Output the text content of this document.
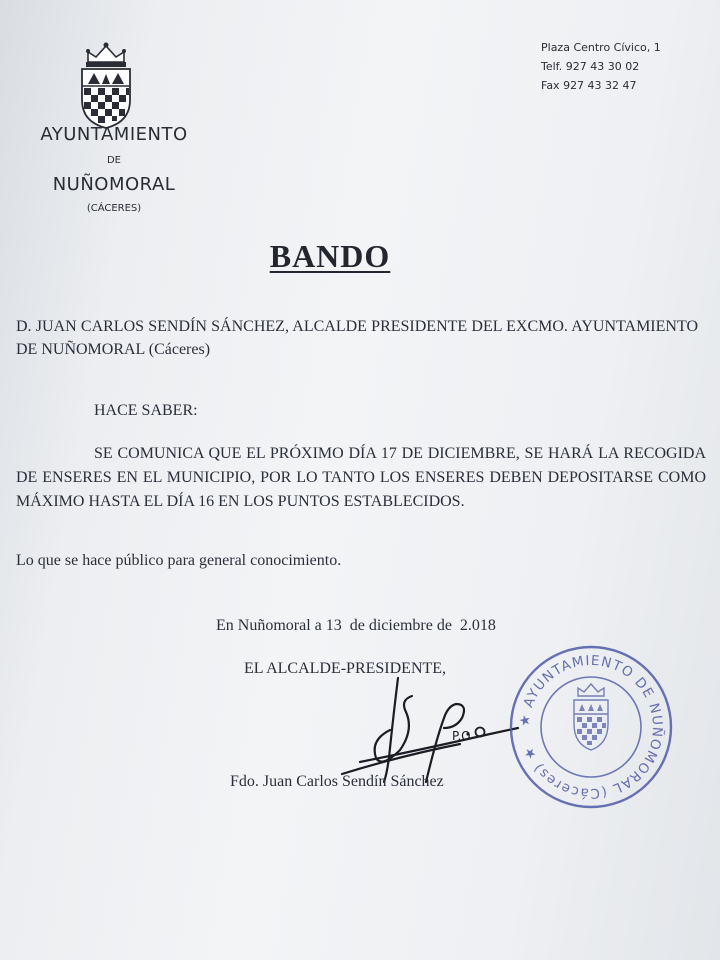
AYUNTAMIENTO
DE
NUÑOMORAL
(CÁCERES)
Plaza Centro Cívico, 1
Telf. 927 43 30 02
Fax 927 43 32 47
BANDO
D. JUAN CARLOS SENDÍN SÁNCHEZ, ALCALDE PRESIDENTE DEL EXCMO. AYUNTAMIENTO DE NUÑOMORAL (Cáceres)
HACE SABER:
SE COMUNICA QUE EL PRÓXIMO DÍA 17 DE DICIEMBRE, SE HARÁ LA RECOGIDA DE ENSERES EN EL MUNICIPIO, POR LO TANTO LOS ENSERES DEBEN DEPOSITARSE COMO MÁXIMO HASTA EL DÍA 16 EN LOS PUNTOS ESTABLECIDOS.
Lo que se hace público para general conocimiento.
En Nuñomoral a 13  de diciembre de  2.018
EL ALCALDE-PRESIDENTE,
P.O
Fdo. Juan Carlos Sendín Sánchez
★ AYUNTAMIENTO DE NUÑOMORAL (Cáceres) ★
